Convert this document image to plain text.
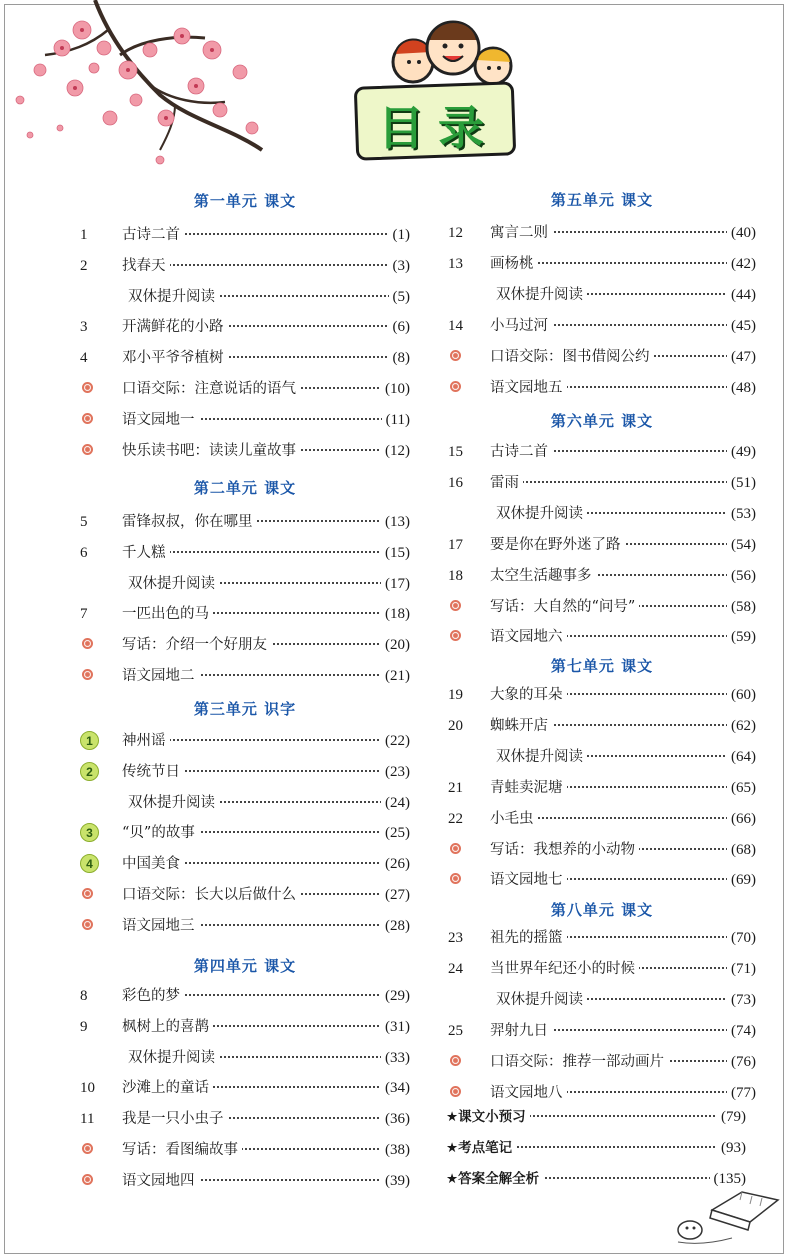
目录
第一单元 课文
1	古诗二首	(1)
2	找春天	(3)
双休提升阅读	(5)
3	开满鲜花的小路	(6)
4	邓小平爷爷植树	(8)
口语交际：注意说话的语气	(10)
语文园地一	(11)
快乐读书吧：读读儿童故事	(12)
第二单元 课文
5	雷锋叔叔，你在哪里	(13)
6	千人糕	(15)
双休提升阅读	(17)
7	一匹出色的马	(18)
写话：介绍一个好朋友	(20)
语文园地二	(21)
第三单元 识字
1	神州谣	(22)
2	传统节日	(23)
双休提升阅读	(24)
3	“贝”的故事	(25)
4	中国美食	(26)
口语交际：长大以后做什么	(27)
语文园地三	(28)
第四单元 课文
8	彩色的梦	(29)
9	枫树上的喜鹊	(31)
双休提升阅读	(33)
10	沙滩上的童话	(34)
11	我是一只小虫子	(36)
写话：看图编故事	(38)
语文园地四	(39)
第五单元 课文
12	寓言二则	(40)
13	画杨桃	(42)
双休提升阅读	(44)
14	小马过河	(45)
口语交际：图书借阅公约	(47)
语文园地五	(48)
第六单元 课文
15	古诗二首	(49)
16	雷雨	(51)
双休提升阅读	(53)
17	要是你在野外迷了路	(54)
18	太空生活趣事多	(56)
写话：大自然的“问号”	(58)
语文园地六	(59)
第七单元 课文
19	大象的耳朵	(60)
20	蜘蛛开店	(62)
双休提升阅读	(64)
21	青蛙卖泥塘	(65)
22	小毛虫	(66)
写话：我想养的小动物	(68)
语文园地七	(69)
第八单元 课文
23	祖先的摇篮	(70)
24	当世界年纪还小的时候	(71)
双休提升阅读	(73)
25	羿射九日	(74)
口语交际：推荐一部动画片	(76)
语文园地八	(77)
★课文小预习	(79)
★考点笔记	(93)
★答案全解全析	(135)
